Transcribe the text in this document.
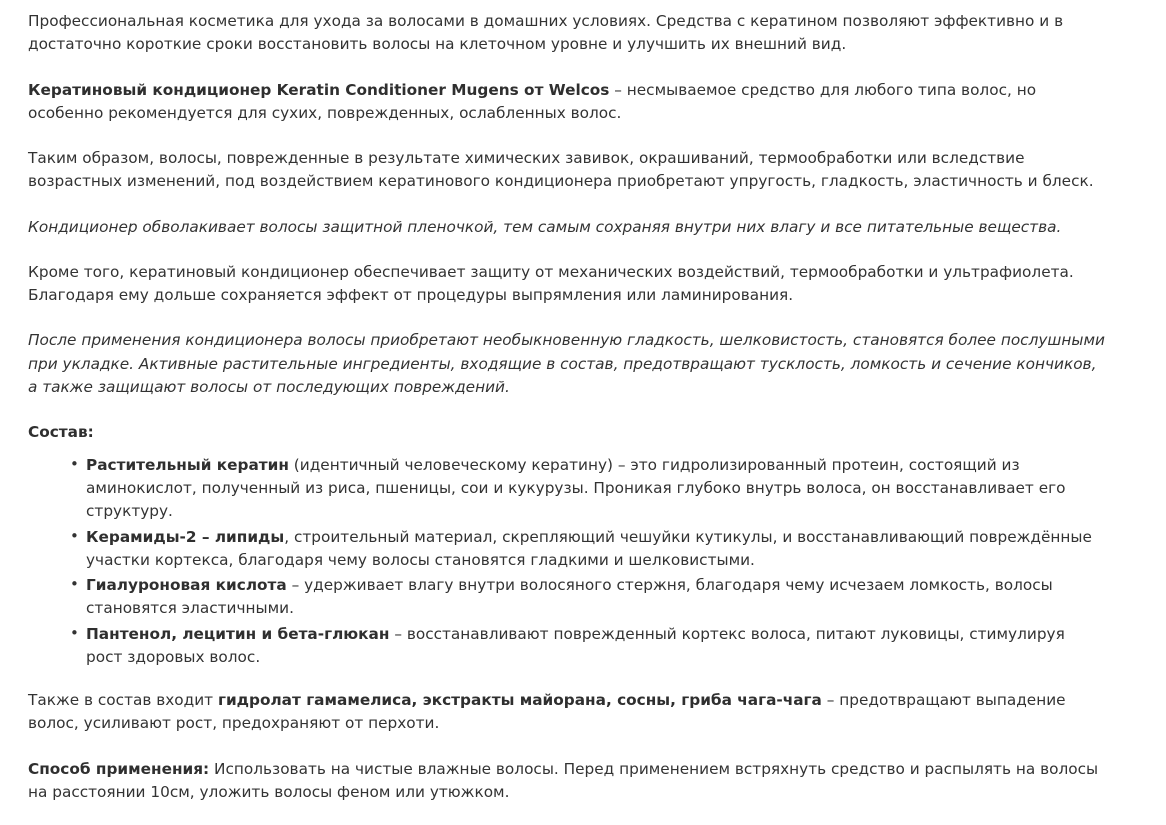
Профессиональная косметика для ухода за волосами в домашних условиях. Средства с кератином позволяют эффективно и в достаточно короткие сроки восстановить волосы на клеточном уровне и улучшить их внешний вид.

Кератиновый кондиционер Keratin Conditioner Mugens от Welcos – несмываемое средство для любого типа волос, но особенно рекомендуется для сухих, поврежденных, ослабленных волос.

Таким образом, волосы, поврежденные в результате химических завивок, окрашиваний, термообработки или вследствие возрастных изменений, под воздействием кератинового кондиционера приобретают упругость, гладкость, эластичность и блеск.

Кондиционер обволакивает волосы защитной пленочкой, тем самым сохраняя внутри них влагу и все питательные вещества.

Кроме того, кератиновый кондиционер обеспечивает защиту от механических воздействий, термообработки и ультрафиолета. Благодаря ему дольше сохраняется эффект от процедуры выпрямления или ламинирования.

После применения кондиционера волосы приобретают необыкновенную гладкость, шелковистость, становятся более послушными при укладке. Активные растительные ингредиенты, входящие в состав, предотвращают тусклость, ломкость и сечение кончиков, а также защищают волосы от последующих повреждений.

Состав:

• Растительный кератин (идентичный человеческому кератину) – это гидролизированный протеин, состоящий из аминокислот, полученный из риса, пшеницы, сои и кукурузы. Проникая глубоко внутрь волоса, он восстанавливает его структуру.
• Керамиды-2 – липиды, строительный материал, скрепляющий чешуйки кутикулы, и восстанавливающий повреждённые участки кортекса, благодаря чему волосы становятся гладкими и шелковистыми.
• Гиалуроновая кислота – удерживает влагу внутри волосяного стержня, благодаря чему исчезаем ломкость, волосы становятся эластичными.
• Пантенол, лецитин и бета-глюкан – восстанавливают поврежденный кортекс волоса, питают луковицы, стимулируя рост здоровых волос.

Также в состав входит гидролат гамамелиса, экстракты майорана, сосны, гриба чага-чага – предотвращают выпадение волос, усиливают рост, предохраняют от перхоти.

Способ применения: Использовать на чистые влажные волосы. Перед применением встряхнуть средство и распылять на волосы на расстоянии 10см, уложить волосы феном или утюжком.
